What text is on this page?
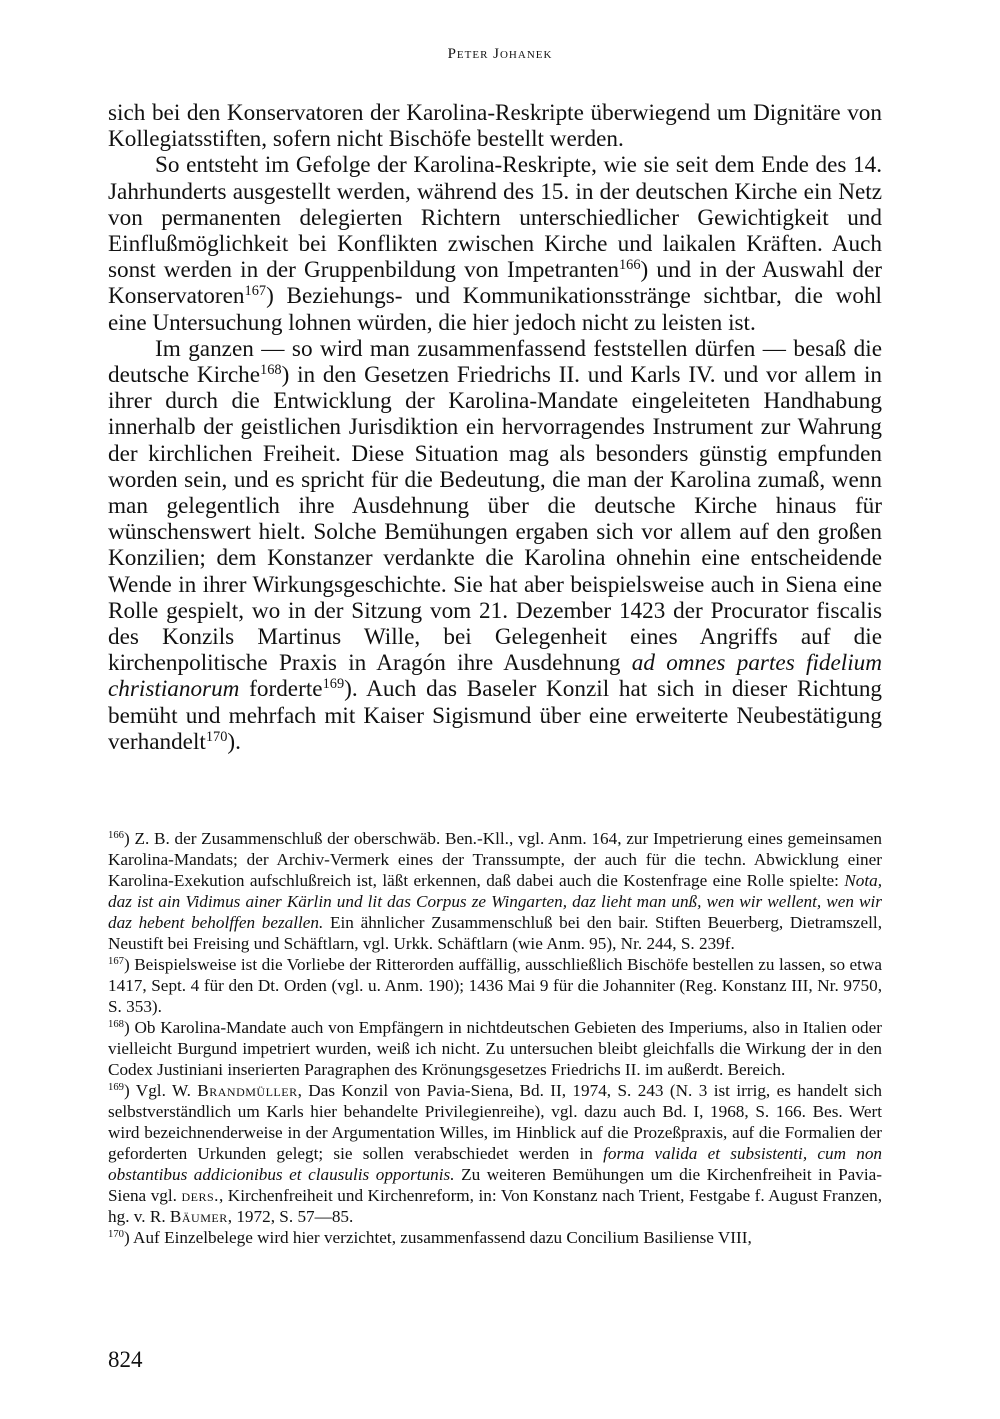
Peter Johanek

sich bei den Konservatoren der Karolina-Reskripte überwiegend um Dignitäre von Kollegiatsstiften, sofern nicht Bischöfe bestellt werden.

So entsteht im Gefolge der Karolina-Reskripte, wie sie seit dem Ende des 14. Jahrhunderts ausgestellt werden, während des 15. in der deutschen Kirche ein Netz von permanenten delegierten Richtern unterschiedlicher Gewichtigkeit und Einflußmöglichkeit bei Konflikten zwischen Kirche und laikalen Kräften. Auch sonst werden in der Gruppenbildung von Impetranten$^{166}$) und in der Auswahl der Konservatoren$^{167}$) Beziehungs- und Kommunikationsstränge sichtbar, die wohl eine Untersuchung lohnen würden, die hier jedoch nicht zu leisten ist.

Im ganzen — so wird man zusammenfassend feststellen dürfen — besaß die deutsche Kirche$^{168}$) in den Gesetzen Friedrichs II. und Karls IV. und vor allem in ihrer durch die Entwicklung der Karolina-Mandate eingeleiteten Handhabung innerhalb der geistlichen Jurisdiktion ein hervorragendes Instrument zur Wahrung der kirchlichen Freiheit. Diese Situation mag als besonders günstig empfunden worden sein, und es spricht für die Bedeutung, die man der Karolina zumaß, wenn man gelegentlich ihre Ausdehnung über die deutsche Kirche hinaus für wünschenswert hielt. Solche Bemühungen ergaben sich vor allem auf den großen Konzilien; dem Konstanzer verdankte die Karolina ohnehin eine entscheidende Wende in ihrer Wirkungsgeschichte. Sie hat aber beispielsweise auch in Siena eine Rolle gespielt, wo in der Sitzung vom 21. Dezember 1423 der Procurator fiscalis des Konzils Martinus Wille, bei Gelegenheit eines Angriffs auf die kirchenpolitische Praxis in Aragón ihre Ausdehnung ad omnes partes fidelium christianorum forderte$^{169}$). Auch das Baseler Konzil hat sich in dieser Richtung bemüht und mehrfach mit Kaiser Sigismund über eine erweiterte Neubestätigung verhandelt$^{170}$).

$^{166}$) Z. B. der Zusammenschluß der oberschwäb. Ben.-Kll., vgl. Anm. 164, zur Impetrierung eines gemeinsamen Karolina-Mandats; der Archiv-Vermerk eines der Transsumpte, der auch für die techn. Abwicklung einer Karolina-Exekution aufschlußreich ist, läßt erkennen, daß dabei auch die Kostenfrage eine Rolle spielte: Nota, daz ist ain Vidimus ainer Kärlin und lit das Corpus ze Wingarten, daz lieht man unß, wen wir wellent, wen wir daz hebent beholffen bezallen. Ein ähnlicher Zusammenschluß bei den bair. Stiften Beuerberg, Dietramszell, Neustift bei Freising und Schäftlarn, vgl. Urkk. Schäftlarn (wie Anm. 95), Nr. 244, S. 239f.

$^{167}$) Beispielsweise ist die Vorliebe der Ritterorden auffällig, ausschließlich Bischöfe bestellen zu lassen, so etwa 1417, Sept. 4 für den Dt. Orden (vgl. u. Anm. 190); 1436 Mai 9 für die Johanniter (Reg. Konstanz III, Nr. 9750, S. 353).

$^{168}$) Ob Karolina-Mandate auch von Empfängern in nichtdeutschen Gebieten des Imperiums, also in Italien oder vielleicht Burgund impetriert wurden, weiß ich nicht. Zu untersuchen bleibt gleichfalls die Wirkung der in den Codex Justiniani inserierten Paragraphen des Krönungsgesetzes Friedrichs II. im außerdt. Bereich.

$^{169}$) Vgl. W. Brandmüller, Das Konzil von Pavia-Siena, Bd. II, 1974, S. 243 (N. 3 ist irrig, es handelt sich selbstverständlich um Karls hier behandelte Privilegienreihe), vgl. dazu auch Bd. I, 1968, S. 166. Bes. Wert wird bezeichnenderweise in der Argumentation Willes, im Hinblick auf die Prozeßpraxis, auf die Formalien der geforderten Urkunden gelegt; sie sollen verabschiedet werden in forma valida et subsistenti, cum non obstantibus addicionibus et clausulis opportunis. Zu weiteren Bemühungen um die Kirchenfreiheit in Pavia-Siena vgl. ders., Kirchenfreiheit und Kirchenreform, in: Von Konstanz nach Trient, Festgabe f. August Franzen, hg. v. R. Bäumer, 1972, S. 57—85.

$^{170}$) Auf Einzelbelege wird hier verzichtet, zusammenfassend dazu Concilium Basiliense VIII,

824
